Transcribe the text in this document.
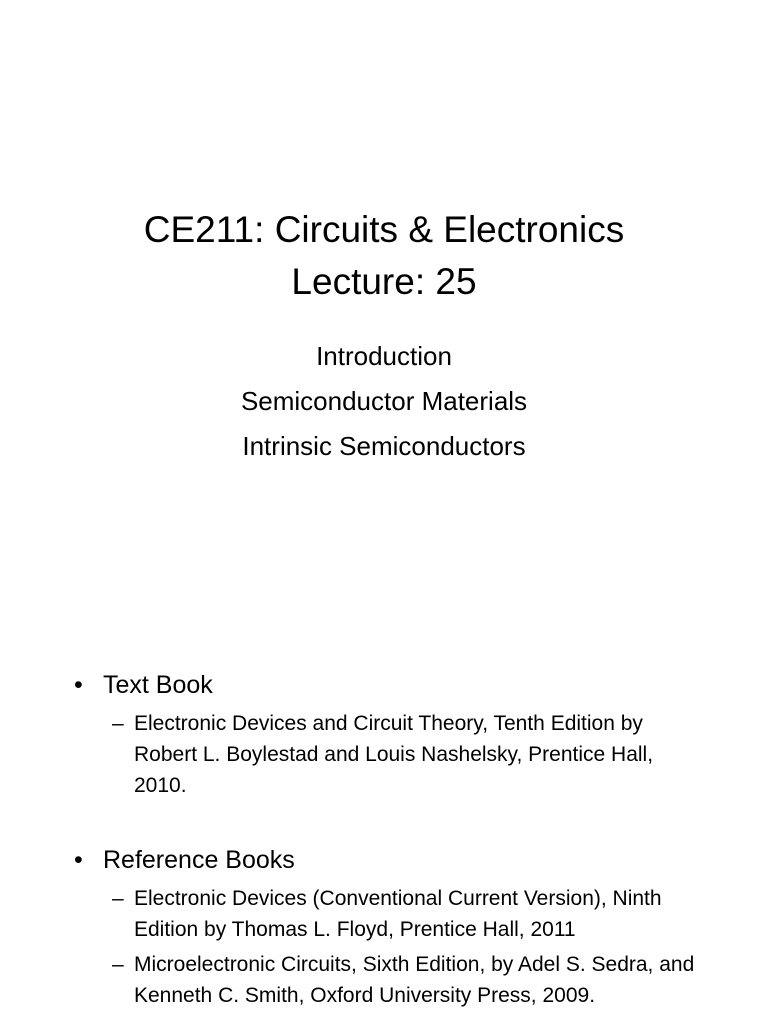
CE211: Circuits & Electronics
Lecture: 25
Introduction
Semiconductor Materials
Intrinsic Semiconductors
• Text Book
– Electronic Devices and Circuit Theory, Tenth Edition by Robert L. Boylestad and Louis Nashelsky, Prentice Hall, 2010.
• Reference Books
– Electronic Devices (Conventional Current Version), Ninth Edition by Thomas L. Floyd, Prentice Hall, 2011
– Microelectronic Circuits, Sixth Edition, by Adel S. Sedra, and Kenneth C. Smith, Oxford University Press, 2009.
